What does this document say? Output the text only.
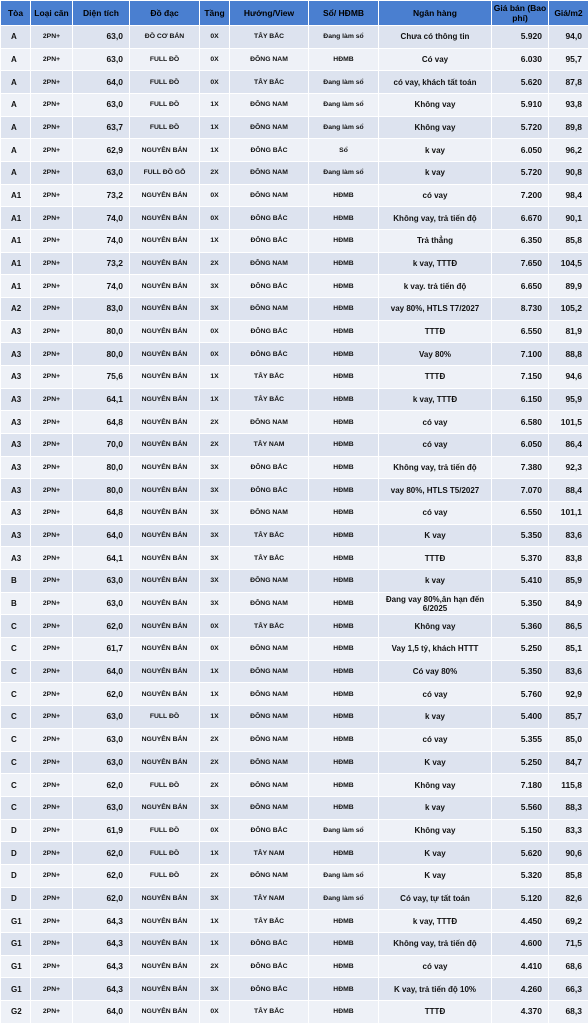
Tòa	Loại căn	Diện tích	Đồ đạc	Tầng	Hướng/View	Sổ/ HĐMB	Ngân hàng	Giá bán (Bao phí)	Giá/m2
A	2PN+	63,0	ĐỒ CƠ BẢN	0X	TÂY BẮC	Đang làm sổ	Chưa có thông tin	5.920	94,0
A	2PN+	63,0	FULL ĐỒ	0X	ĐÔNG NAM	HĐMB	Có vay	6.030	95,7
A	2PN+	64,0	FULL ĐỒ	0X	TÂY BẮC	Đang làm sổ	có vay, khách tất toán	5.620	87,8
A	2PN+	63,0	FULL ĐỒ	1X	ĐÔNG NAM	Đang làm sổ	Không vay	5.910	93,8
A	2PN+	63,7	FULL ĐỒ	1X	ĐÔNG NAM	Đang làm sổ	Không vay	5.720	89,8
A	2PN+	62,9	NGUYÊN BẢN	1X	ĐÔNG BẮC	Sổ	k vay	6.050	96,2
A	2PN+	63,0	FULL ĐỒ GỖ	2X	ĐÔNG NAM	Đang làm sổ	k vay	5.720	90,8
A1	2PN+	73,2	NGUYÊN BẢN	0X	ĐÔNG NAM	HĐMB	có vay	7.200	98,4
A1	2PN+	74,0	NGUYÊN BẢN	0X	ĐÔNG BẮC	HĐMB	Không vay, trả tiến độ	6.670	90,1
A1	2PN+	74,0	NGUYÊN BẢN	1X	ĐÔNG BẮC	HĐMB	Trả thẳng	6.350	85,8
A1	2PN+	73,2	NGUYÊN BẢN	2X	ĐÔNG NAM	HĐMB	k vay, TTTĐ	7.650	104,5
A1	2PN+	74,0	NGUYÊN BẢN	3X	ĐÔNG BẮC	HĐMB	k vay. trả tiến độ	6.650	89,9
A2	2PN+	83,0	NGUYÊN BẢN	3X	ĐÔNG NAM	HĐMB	vay 80%, HTLS T7/2027	8.730	105,2
A3	2PN+	80,0	NGUYÊN BẢN	0X	ĐÔNG BẮC	HĐMB	TTTĐ	6.550	81,9
A3	2PN+	80,0	NGUYÊN BẢN	0X	ĐÔNG BẮC	HĐMB	Vay 80%	7.100	88,8
A3	2PN+	75,6	NGUYÊN BẢN	1X	TÂY BẮC	HĐMB	TTTĐ	7.150	94,6
A3	2PN+	64,1	NGUYÊN BẢN	1X	TÂY BẮC	HĐMB	k vay, TTTĐ	6.150	95,9
A3	2PN+	64,8	NGUYÊN BẢN	2X	ĐÔNG NAM	HĐMB	có vay	6.580	101,5
A3	2PN+	70,0	NGUYÊN BẢN	2X	TÂY NAM	HĐMB	có vay	6.050	86,4
A3	2PN+	80,0	NGUYÊN BẢN	3X	ĐÔNG BẮC	HĐMB	Không vay, trả tiến độ	7.380	92,3
A3	2PN+	80,0	NGUYÊN BẢN	3X	ĐÔNG BẮC	HĐMB	vay 80%, HTLS T5/2027	7.070	88,4
A3	2PN+	64,8	NGUYÊN BẢN	3X	ĐÔNG NAM	HĐMB	có vay	6.550	101,1
A3	2PN+	64,0	NGUYÊN BẢN	3X	TÂY BẮC	HĐMB	K vay	5.350	83,6
A3	2PN+	64,1	NGUYÊN BẢN	3X	TÂY BẮC	HĐMB	TTTĐ	5.370	83,8
B	2PN+	63,0	NGUYÊN BẢN	3X	ĐÔNG NAM	HĐMB	k vay	5.410	85,9
B	2PN+	63,0	NGUYÊN BẢN	3X	ĐÔNG NAM	HĐMB	Đang vay 80%,ân hạn đến 6/2025	5.350	84,9
C	2PN+	62,0	NGUYÊN BẢN	0X	TÂY BẮC	HĐMB	Không vay	5.360	86,5
C	2PN+	61,7	NGUYÊN BẢN	0X	ĐÔNG NAM	HĐMB	Vay 1,5 tỷ, khách HTTT	5.250	85,1
C	2PN+	64,0	NGUYÊN BẢN	1X	ĐÔNG NAM	HĐMB	Có vay 80%	5.350	83,6
C	2PN+	62,0	NGUYÊN BẢN	1X	ĐÔNG NAM	HĐMB	có vay	5.760	92,9
C	2PN+	63,0	FULL ĐỒ	1X	ĐÔNG NAM	HĐMB	k vay	5.400	85,7
C	2PN+	63,0	NGUYÊN BẢN	2X	ĐÔNG NAM	HĐMB	có vay	5.355	85,0
C	2PN+	63,0	NGUYÊN BẢN	2X	ĐÔNG NAM	HĐMB	K vay	5.250	84,7
C	2PN+	62,0	FULL ĐỒ	2X	ĐÔNG NAM	HĐMB	Không vay	7.180	115,8
C	2PN+	63,0	NGUYÊN BẢN	3X	ĐÔNG NAM	HĐMB	k vay	5.560	88,3
D	2PN+	61,9	FULL ĐỒ	0X	ĐÔNG BẮC	Đang làm sổ	Không vay	5.150	83,3
D	2PN+	62,0	FULL ĐỒ	1X	TÂY NAM	HĐMB	K vay	5.620	90,6
D	2PN+	62,0	FULL ĐỒ	2X	ĐÔNG NAM	Đang làm sổ	K vay	5.320	85,8
D	2PN+	62,0	NGUYÊN BẢN	3X	TÂY NAM	Đang làm sổ	Có vay, tự tất toán	5.120	82,6
G1	2PN+	64,3	NGUYÊN BẢN	1X	TÂY BẮC	HĐMB	k vay, TTTĐ	4.450	69,2
G1	2PN+	64,3	NGUYÊN BẢN	1X	ĐÔNG BẮC	HĐMB	Không vay, trả tiến độ	4.600	71,5
G1	2PN+	64,3	NGUYÊN BẢN	2X	ĐÔNG BẮC	HĐMB	có vay	4.410	68,6
G1	2PN+	64,3	NGUYÊN BẢN	3X	ĐÔNG BẮC	HĐMB	K vay, trả tiến độ 10%	4.260	66,3
G2	2PN+	64,0	NGUYÊN BẢN	0X	TÂY BẮC	HĐMB	TTTĐ	4.370	68,3
